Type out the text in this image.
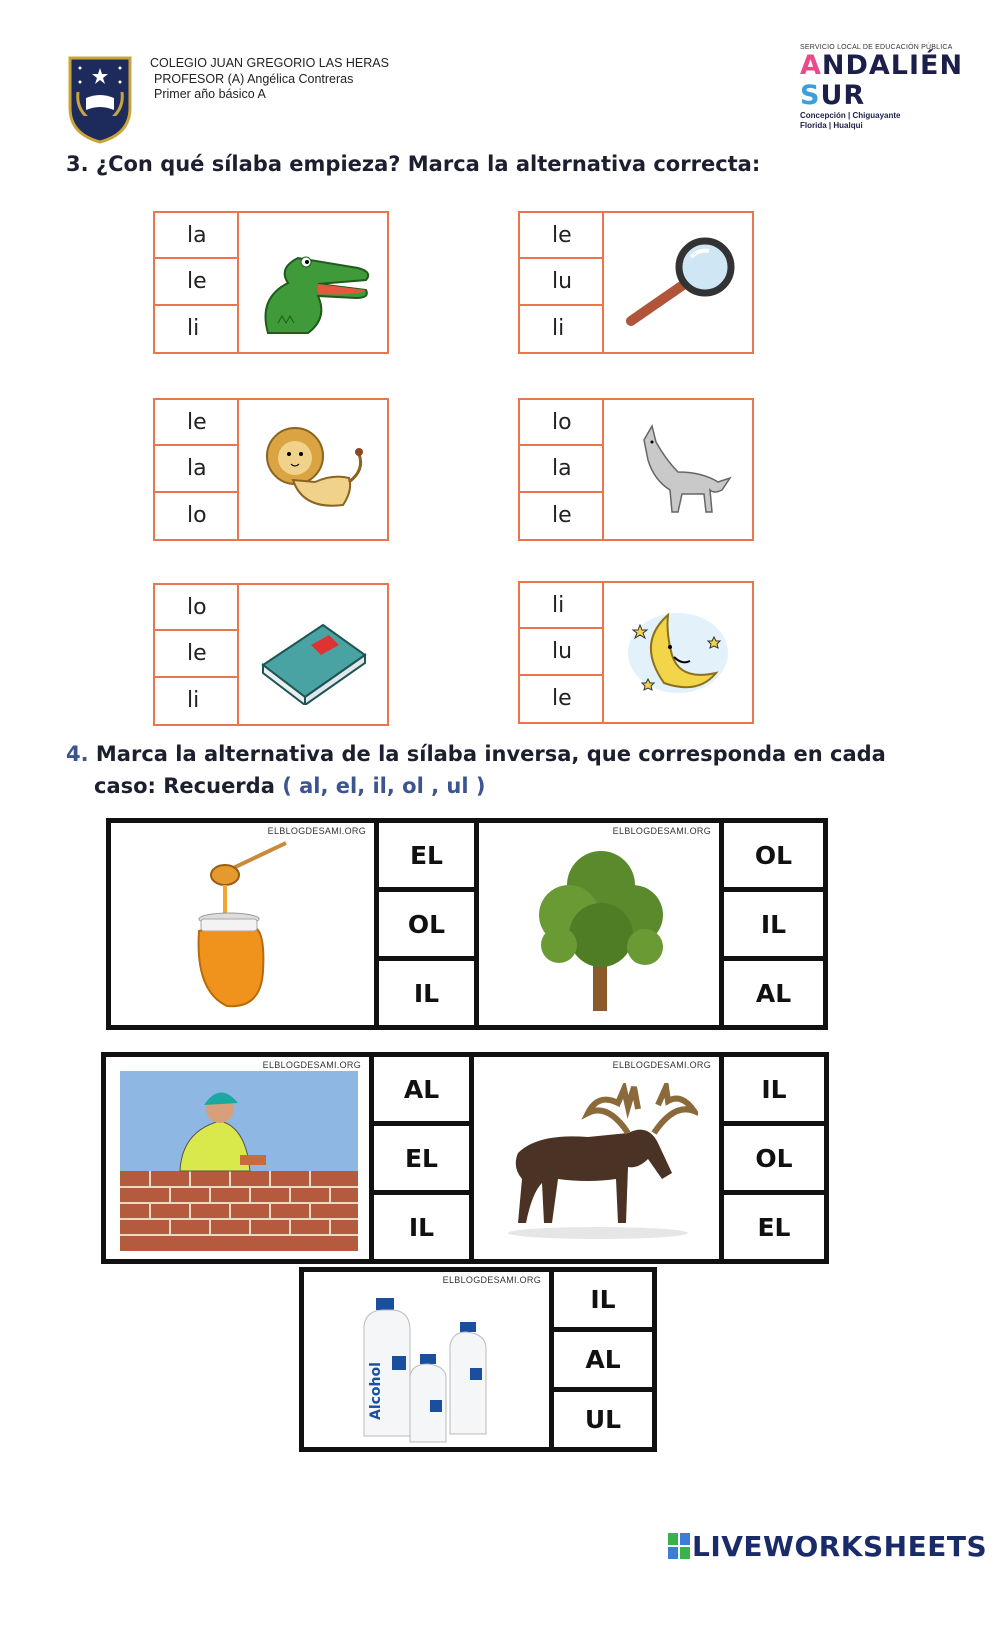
COLEGIO JUAN GREGORIO LAS HERAS
PROFESOR (A) Angélica Contreras
Primer año básico A
SERVICIO LOCAL DE EDUCACIÓN PÚBLICA
ANDALIÉN
SUR
Concepción | Chiguayante
Florida | Hualqui
3. ¿Con qué sílaba empieza? Marca la alternativa correcta:
la
le
li
le
lu
li
le
la
lo
lo
la
le
lo
le
li
li
lu
le
4. Marca la alternativa de la sílaba inversa, que corresponda en cada
caso: Recuerda ( al, el, il, ol , ul )
ELBLOGDESAMI.ORG
EL
OL
IL
ELBLOGDESAMI.ORG
OL
IL
AL
ELBLOGDESAMI.ORG
AL
EL
IL
ELBLOGDESAMI.ORG
IL
OL
EL
ELBLOGDESAMI.ORG
Alcohol
IL
AL
UL
LIVEWORKSHEETS
